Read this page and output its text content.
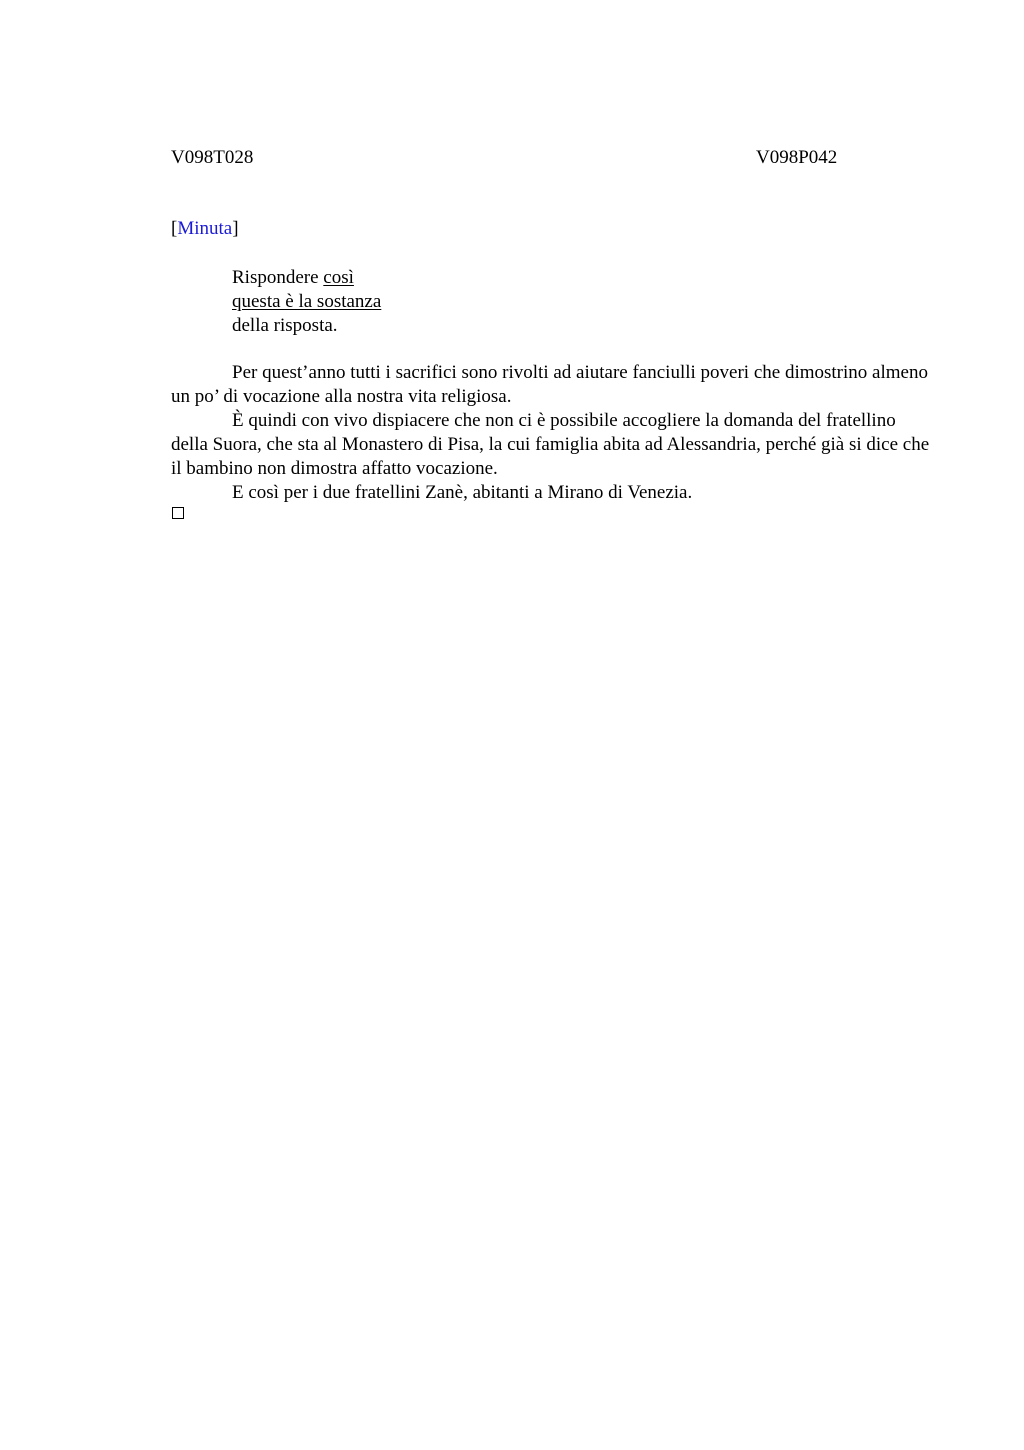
V098T028	V098P042
[Minuta]
Rispondere così
questa è la sostanza
della risposta.

Per quest’anno tutti i sacrifici sono rivolti ad aiutare fanciulli poveri che dimostrino almeno un po’ di vocazione alla nostra vita religiosa.

È quindi con vivo dispiacere che non ci è possibile accogliere la domanda del fratellino della Suora, che sta al Monastero di Pisa, la cui famiglia abita ad Alessandria, perché già si dice che il bambino non dimostra affatto vocazione.

E così per i due fratellini Zanè, abitanti a Mirano di Venezia.
